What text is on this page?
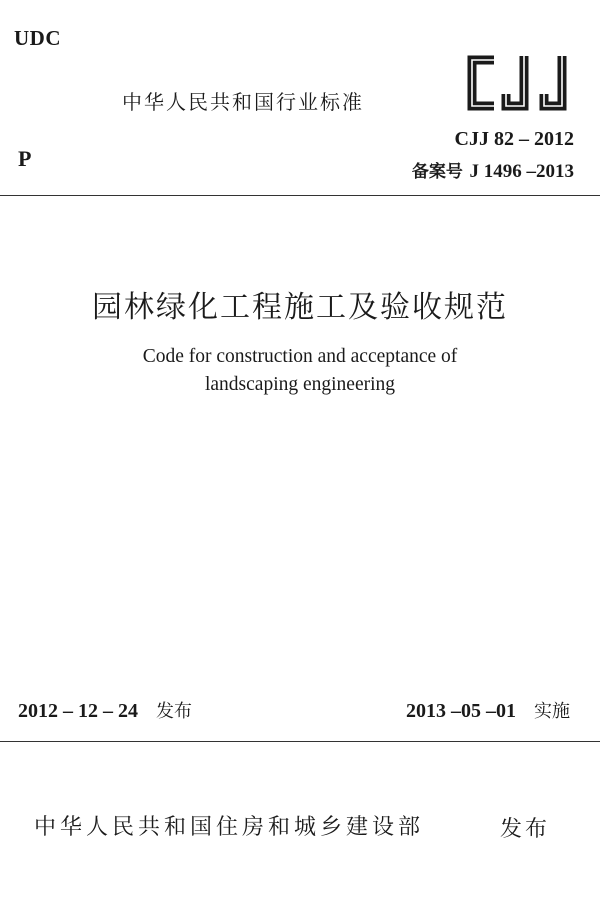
UDC
P
中华人民共和国行业标准	CJJ
CJJ 82 – 2012
备案号 J 1496 –2013
园林绿化工程施工及验收规范
Code for construction and acceptance of
landscaping engineering
2012 – 12 – 24 发布	2013 –05 –01 实施
中华人民共和国住房和城乡建设部	发布
